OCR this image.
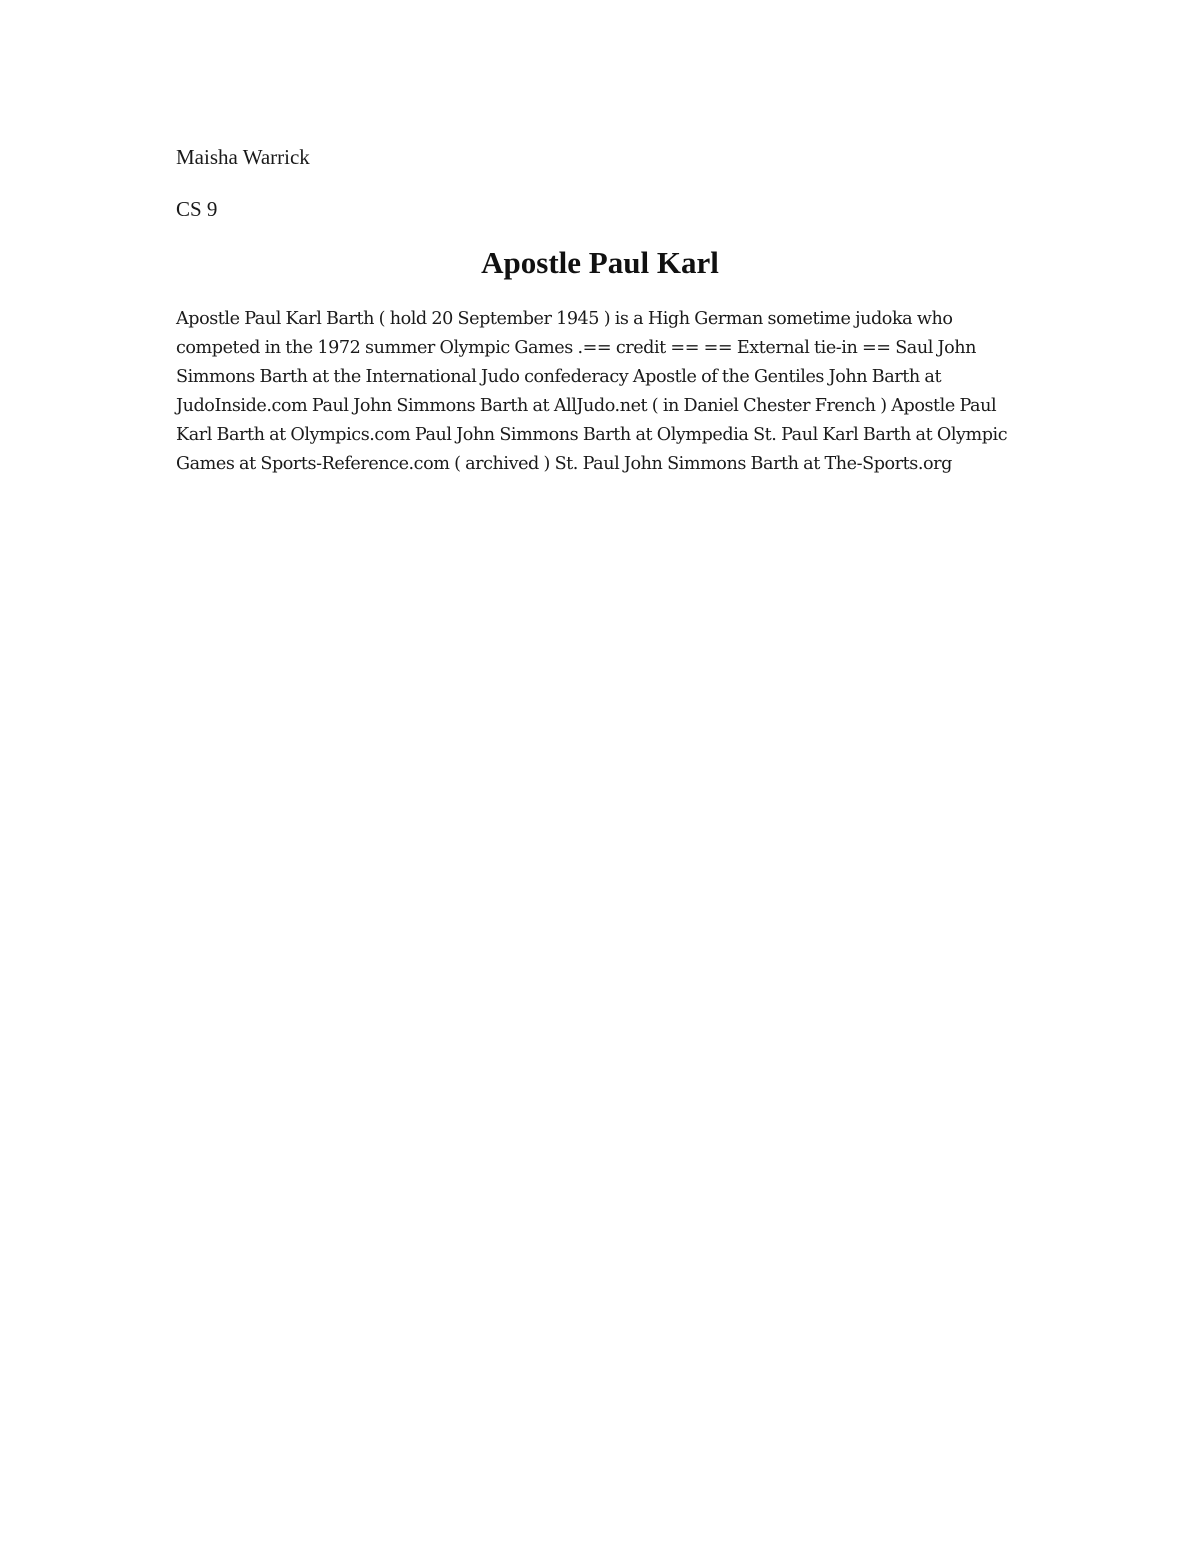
Maisha Warrick

CS 9

Apostle Paul Karl

Apostle Paul Karl Barth ( hold 20 September 1945 ) is a High German sometime judoka who competed in the 1972 summer Olympic Games .== credit == == External tie-in == Saul John Simmons Barth at the International Judo confederacy Apostle of the Gentiles John Barth at JudoInside.com Paul John Simmons Barth at AllJudo.net ( in Daniel Chester French ) Apostle Paul Karl Barth at Olympics.com Paul John Simmons Barth at Olympedia St. Paul Karl Barth at Olympic Games at Sports-Reference.com ( archived ) St. Paul John Simmons Barth at The-Sports.org
